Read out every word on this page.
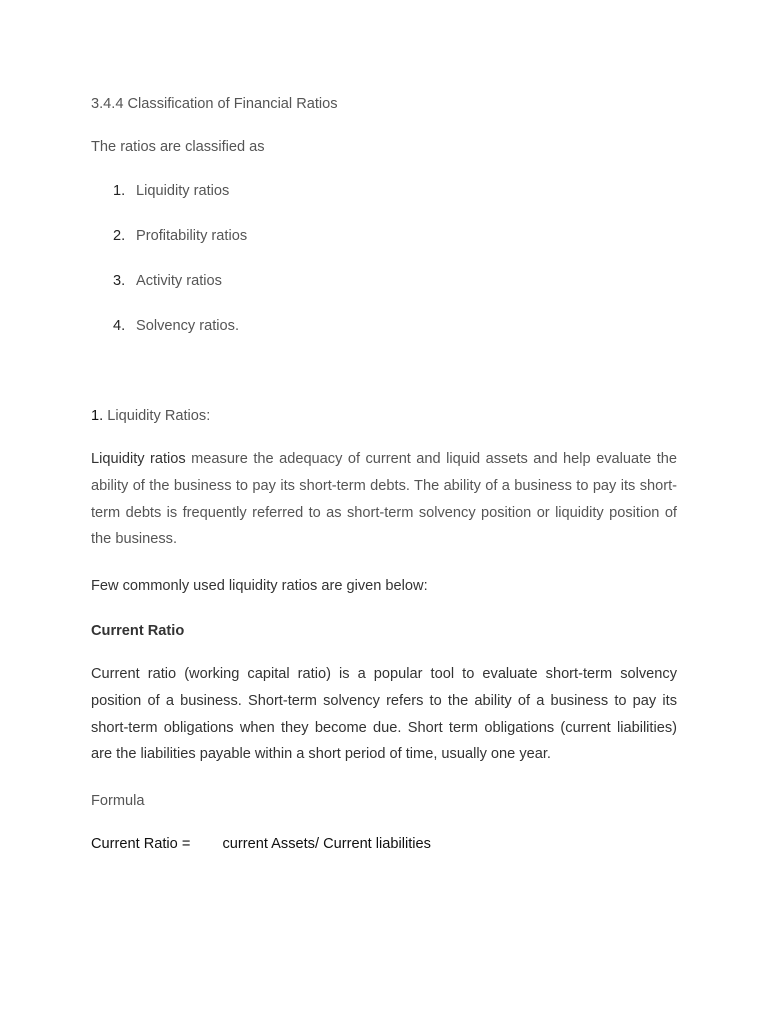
3.4.4 Classification of Financial Ratios
The ratios are classified as
1. Liquidity ratios
2. Profitability ratios
3. Activity ratios
4. Solvency ratios.
1. Liquidity Ratios:
Liquidity ratios measure the adequacy of current and liquid assets and help evaluate the ability of the business to pay its short-term debts. The ability of a business to pay its short-term debts is frequently referred to as short-term solvency position or liquidity position of the business.
Few commonly used liquidity ratios are given below:
Current Ratio
Current ratio (working capital ratio) is a popular tool to evaluate short-term solvency position of a business. Short-term solvency refers to the ability of a business to pay its short-term obligations when they become due. Short term obligations (current liabilities) are the liabilities payable within a short period of time, usually one year.
Formula
Current Ratio = current Assets/ Current liabilities
